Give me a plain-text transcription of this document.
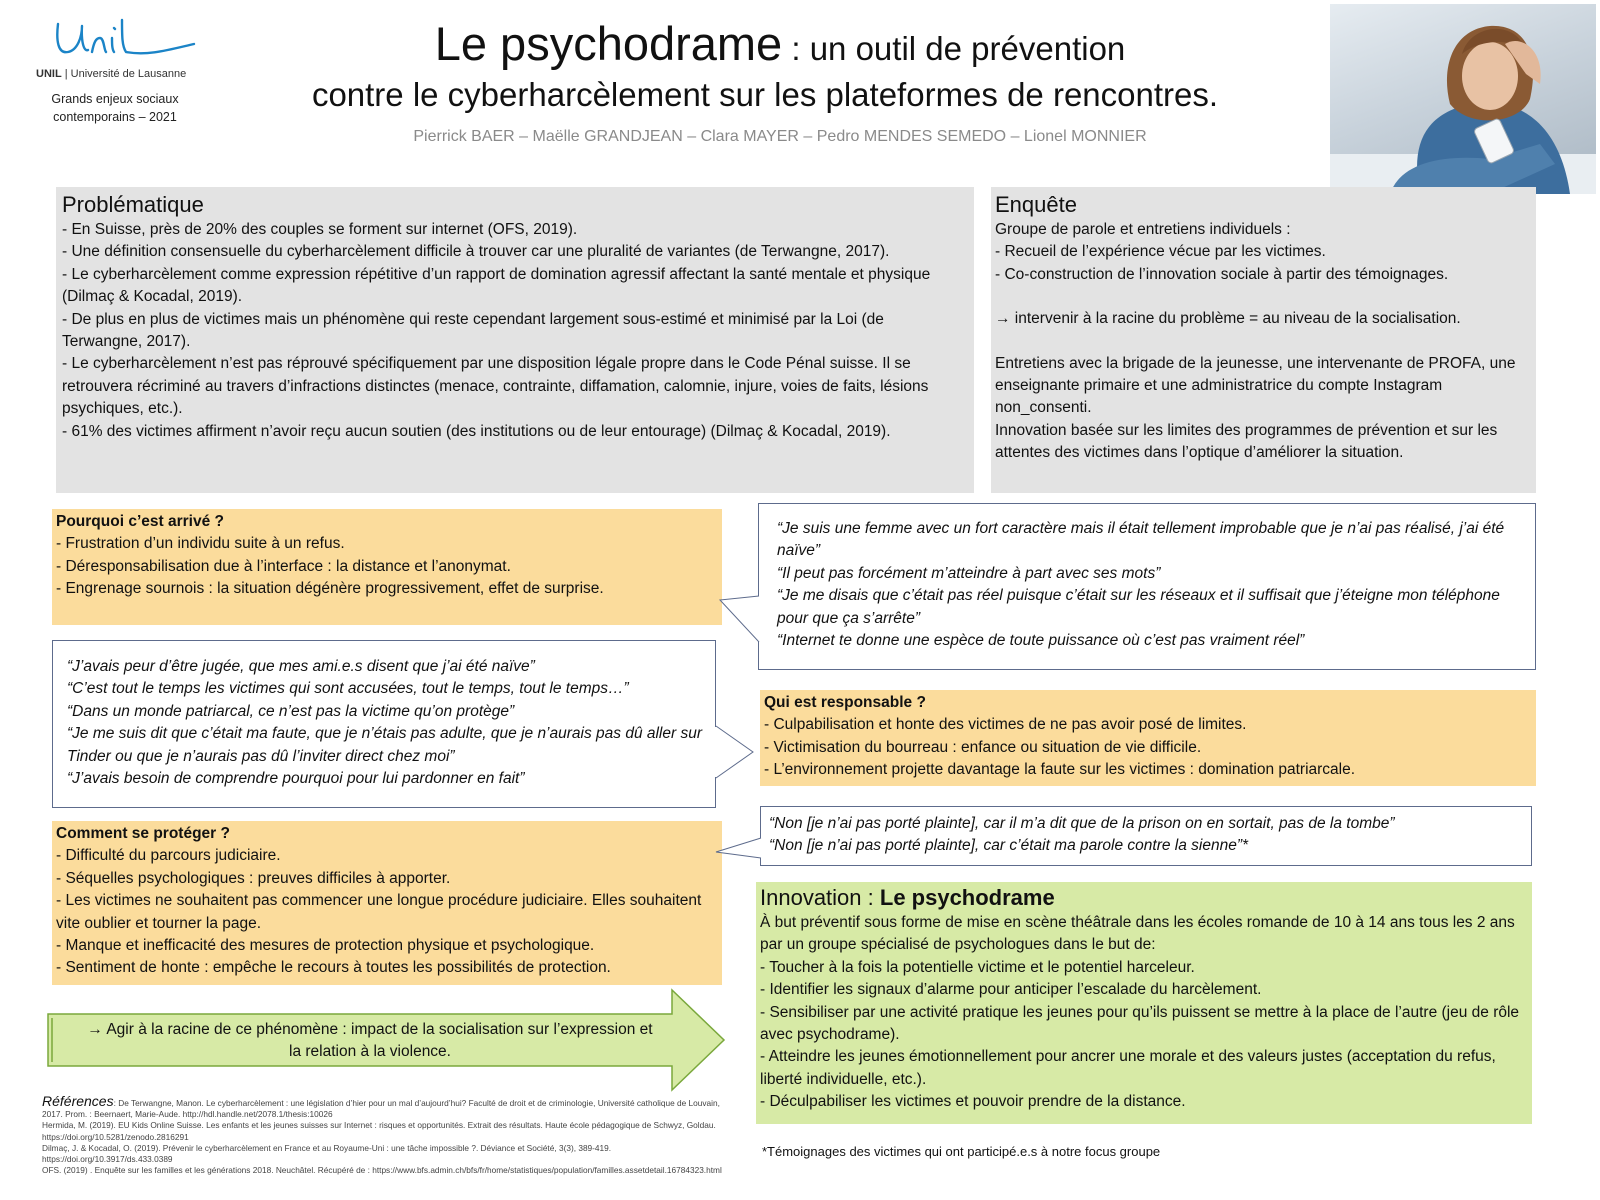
UNIL | Université de Lausanne
Grands enjeux sociaux
contemporains – 2021
Le psychodrame : un outil de prévention
contre le cyberharcèlement sur les plateformes de rencontres.
Pierrick BAER – Maëlle GRANDJEAN – Clara MAYER – Pedro MENDES SEMEDO – Lionel MONNIER
Problématique
- En Suisse, près de 20% des couples se forment sur internet (OFS, 2019).
- Une définition consensuelle du cyberharcèlement difficile à trouver car une pluralité de variantes (de Terwangne, 2017).
- Le cyberharcèlement comme expression répétitive d’un rapport de domination agressif affectant la santé mentale et physique (Dilmaç & Kocadal, 2019).
- De plus en plus de victimes mais un phénomène qui reste cependant largement sous-estimé et minimisé par la Loi (de Terwangne, 2017).
- Le cyberharcèlement n’est pas réprouvé spécifiquement par une disposition légale propre dans le Code Pénal suisse. Il se retrouvera récriminé au travers d’infractions distinctes (menace, contrainte, diffamation, calomnie, injure, voies de faits, lésions psychiques, etc.).
- 61% des victimes affirment n’avoir reçu aucun soutien (des institutions ou de leur entourage) (Dilmaç & Kocadal, 2019).
Enquête
Groupe de parole et entretiens individuels :
- Recueil de l’expérience vécue par les victimes.
- Co-construction de l’innovation sociale à partir des témoignages.
→ intervenir à la racine du problème = au niveau de la socialisation.
Entretiens avec la brigade de la jeunesse, une intervenante de PROFA, une enseignante primaire et une administratrice du compte Instagram non_consenti.
Innovation basée sur les limites des programmes de prévention et sur les attentes des victimes dans l’optique d’améliorer la situation.
Pourquoi c’est arrivé ?
- Frustration d’un individu suite à un refus.
- Déresponsabilisation due à l’interface : la distance et l’anonymat.
- Engrenage sournois : la situation dégénère progressivement, effet de surprise.
“Je suis une femme avec un fort caractère mais il était tellement improbable que je n’ai pas réalisé, j’ai été naïve”
“Il peut pas forcément m’atteindre à part avec ses mots”
“Je me disais que c’était pas réel puisque c’était sur les réseaux et il suffisait que j’éteigne mon téléphone pour que ça s’arrête”
“Internet te donne une espèce de toute puissance où c’est pas vraiment réel”
“J’avais peur d’être jugée, que mes ami.e.s disent que j’ai été naïve”
“C’est tout le temps les victimes qui sont accusées, tout le temps, tout le temps…”
“Dans un monde patriarcal, ce n’est pas la victime qu’on protège”
“Je me suis dit que c’était ma faute, que je n’étais pas adulte, que je n’aurais pas dû aller sur Tinder ou que je n’aurais pas dû l’inviter direct chez moi”
“J’avais besoin de comprendre pourquoi pour lui pardonner en fait”
Qui est responsable ?
- Culpabilisation et honte des victimes de ne pas avoir posé de limites.
- Victimisation du bourreau : enfance ou situation de vie difficile.
- L’environnement projette davantage la faute sur les victimes : domination patriarcale.
Comment se protéger ?
- Difficulté du parcours judiciaire.
- Séquelles psychologiques : preuves difficiles à apporter.
- Les victimes ne souhaitent pas commencer une longue procédure judiciaire. Elles souhaitent vite oublier et tourner la page.
- Manque et inefficacité des mesures de protection physique et psychologique.
- Sentiment de honte : empêche le recours à toutes les possibilités de protection.
“Non [je n’ai pas porté plainte], car il m’a dit que de la prison on en sortait, pas de la tombe”
“Non [je n’ai pas porté plainte], car c’était ma parole contre la sienne”*
Innovation : Le psychodrame
À but préventif sous forme de mise en scène théâtrale dans les écoles romande de 10 à 14 ans tous les 2 ans par un groupe spécialisé de psychologues dans le but de:
- Toucher à la fois la potentielle victime et le potentiel harceleur.
- Identifier les signaux d’alarme pour anticiper l’escalade du harcèlement.
- Sensibiliser par une activité pratique les jeunes pour qu’ils puissent se mettre à la place de l’autre (jeu de rôle avec psychodrame).
- Atteindre les jeunes émotionnellement pour ancrer une morale et des valeurs justes (acceptation du refus, liberté individuelle, etc.).
- Déculpabiliser les victimes et pouvoir prendre de la distance.
→ Agir à la racine de ce phénomène : impact de la socialisation sur l’expression et
la relation à la violence.
Références: De Terwangne, Manon. Le cyberharcèlement : une législation d’hier pour un mal d’aujourd’hui? Faculté de droit et de criminologie, Université catholique de Louvain, 2017. Prom. : Beernaert, Marie-Aude. http://hdl.handle.net/2078.1/thesis:10026
Hermida, M. (2019). EU Kids Online Suisse. Les enfants et les jeunes suisses sur Internet : risques et opportunités. Extrait des résultats. Haute école pédagogique de Schwyz, Goldau. https://doi.org/10.5281/zenodo.2816291
Dilmaç, J. & Kocadal, O. (2019). Prévenir le cyberharcèlement en France et au Royaume-Uni : une tâche impossible ?. Déviance et Société, 3(3), 389-419. https://doi.org/10.3917/ds.433.0389
OFS. (2019) . Enquête sur les familles et les générations 2018. Neuchâtel. Récupéré de : https://www.bfs.admin.ch/bfs/fr/home/statistiques/population/familles.assetdetail.16784323.html
*Témoignages des victimes qui ont participé.e.s à notre focus groupe
